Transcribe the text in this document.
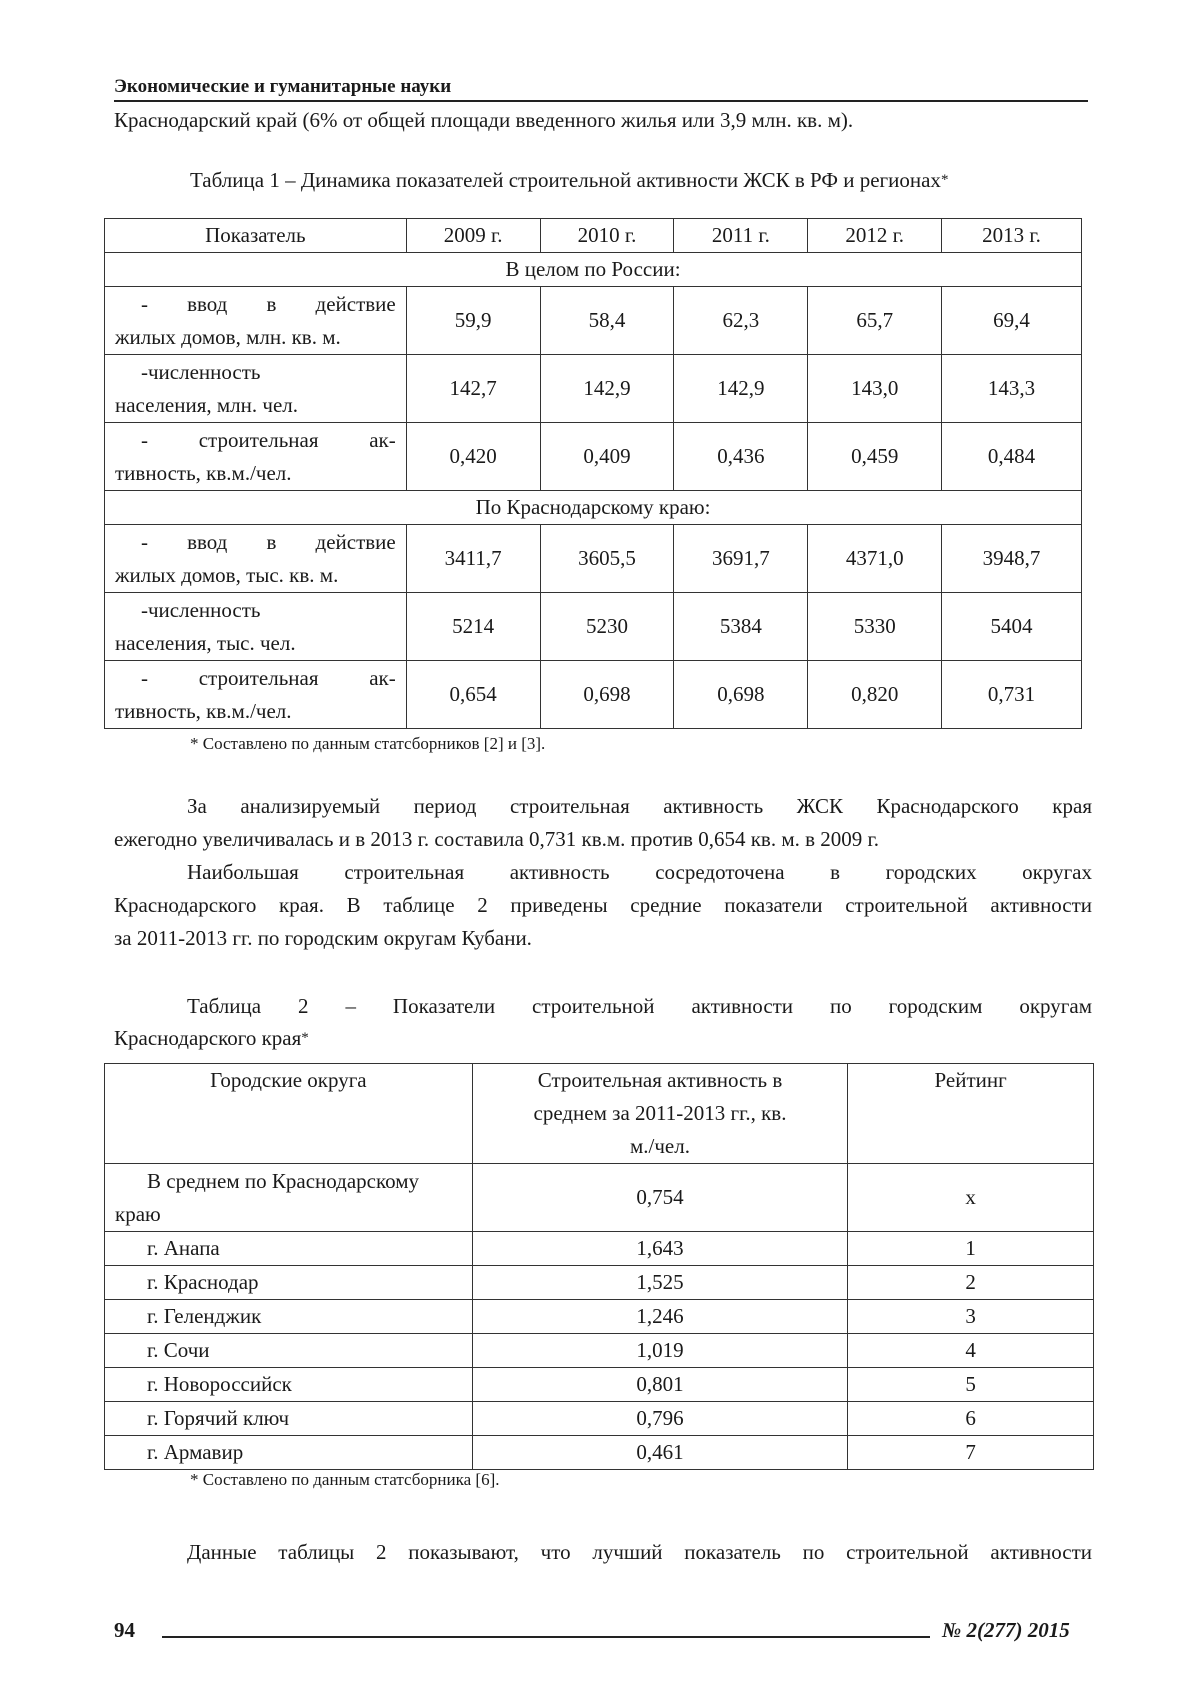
Экономические и гуманитарные науки
Краснодарский край (6% от общей площади введенного жилья или 3,9 млн. кв. м).
Таблица 1 – Динамика показателей строительной активности ЖСК в РФ и регионах*
Показатель	2009 г.	2010 г.	2011 г.	2012 г.	2013 г.
В целом по России:					

- ввод в действие
жилых домов, млн. кв. м.	59,9	58,4	62,3	65,7	69,4

-численность
населения, млн. чел.	142,7	142,9	142,9	143,0	143,3

- строительная ак-
тивность, кв.м./чел.	0,420	0,409	0,436	0,459	0,484
По Краснодарскому краю:					

- ввод в действие
жилых домов, тыс. кв. м.	3411,7	3605,5	3691,7	4371,0	3948,7

-численность
населения, тыс. чел.	5214	5230	5384	5330	5404

- строительная ак-
тивность, кв.м./чел.	0,654	0,698	0,698	0,820	0,731
* Составлено по данным статсборников [2] и [3].
За анализируемый период строительная активность ЖСК Краснодарского края
ежегодно увеличивалась и в 2013 г. составила 0,731 кв.м. против 0,654 кв. м. в 2009 г.
Наибольшая строительная активность сосредоточена в городских округах
Краснодарского края. В таблице 2 приведены средние показатели строительной активности
за 2011-2013 гг. по городским округам Кубани.
Таблица 2 – Показатели строительной активности по городским округам
Краснодарского края*
Городские округа	Строительная активность в
среднем за 2011-2013 гг., кв.
м./чел.	Рейтинг

В среднем по Краснодарскому
краю	0,754	х
г. Анапа	1,643	1
г. Краснодар	1,525	2
г. Геленджик	1,246	3
г. Сочи	1,019	4
г. Новороссийск	0,801	5
г. Горячий ключ	0,796	6
г. Армавир	0,461	7
* Составлено по данным статсборника [6].
Данные таблицы 2 показывают, что лучший показатель по строительной активности
94	№ 2(277) 2015
